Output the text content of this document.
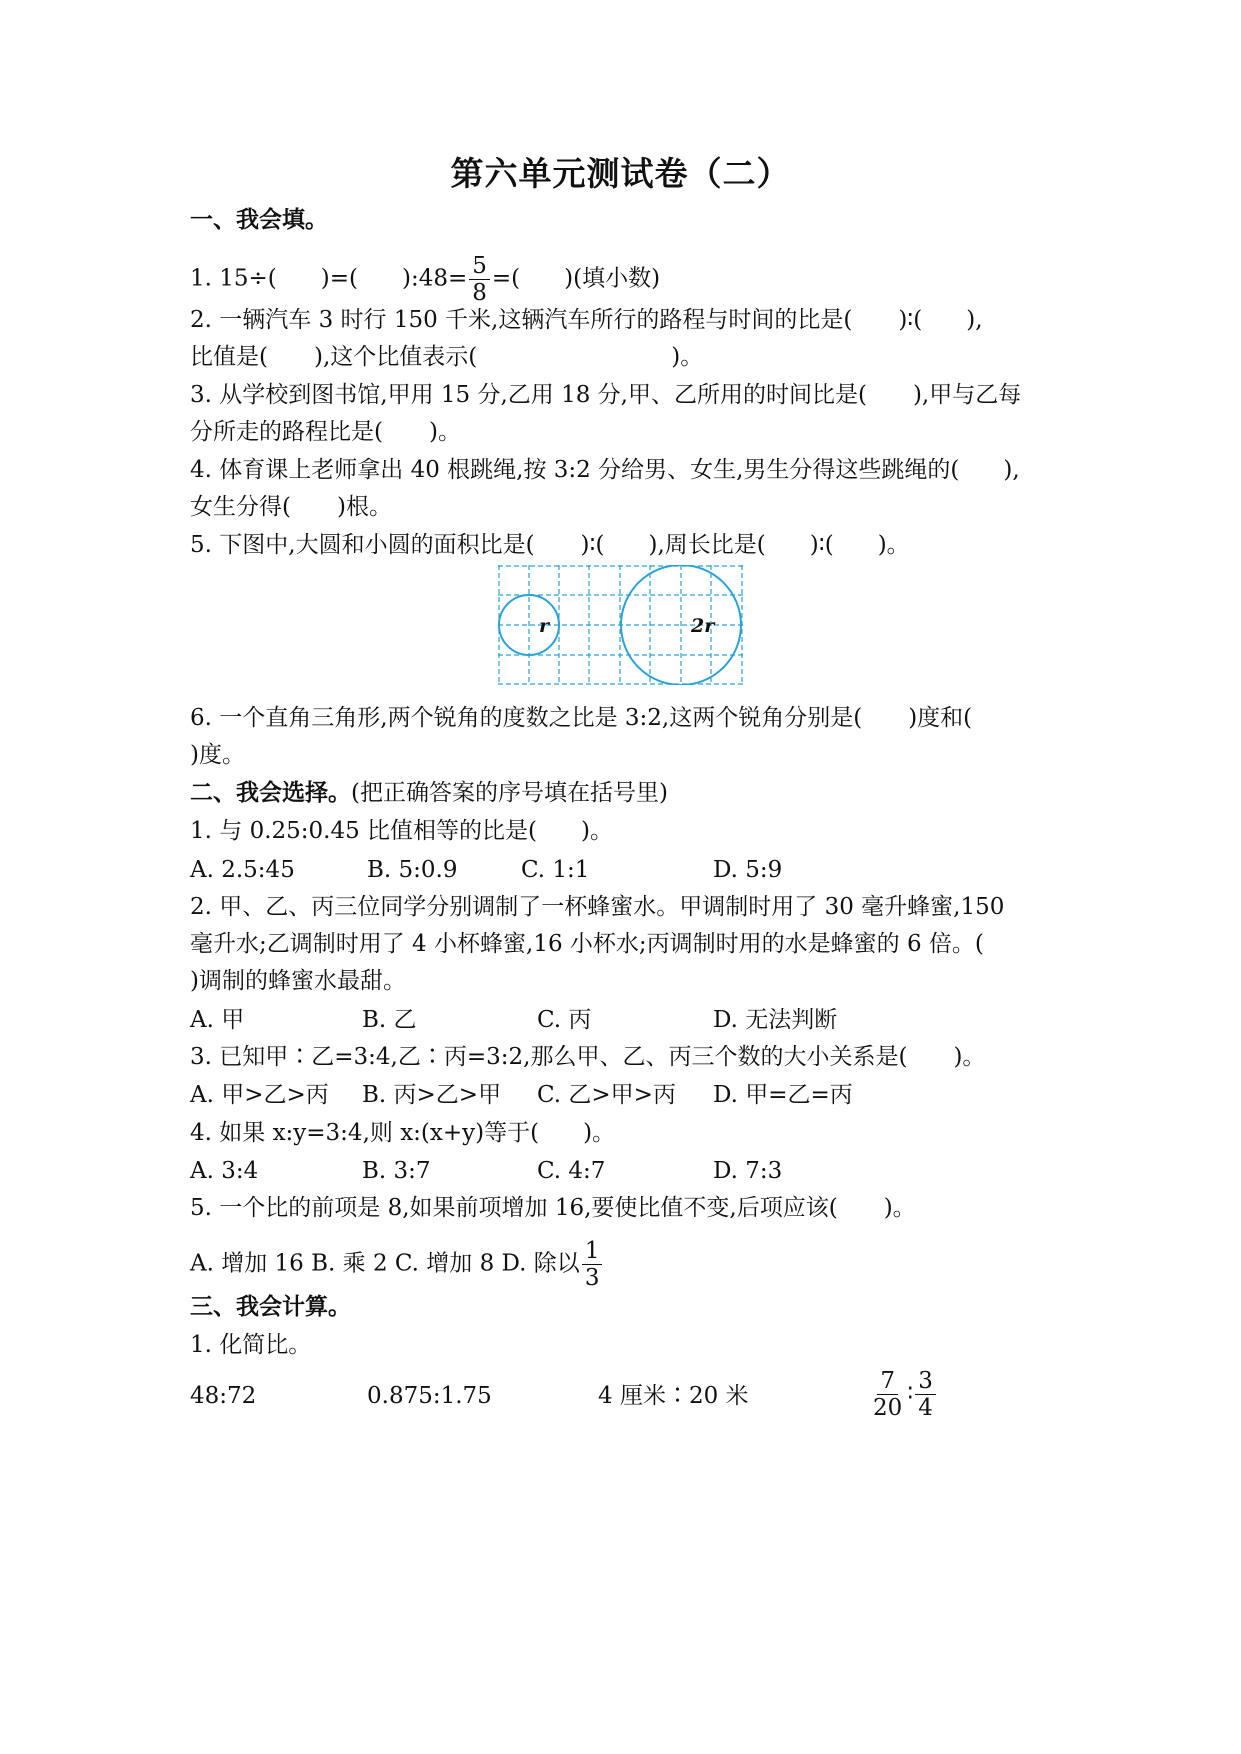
第六单元测试卷（二）
一、我会填。
1. 15÷( )=( ):48= $\frac{5}{8}$ =( )(填小数)
2. 一辆汽车 3 时行 150 千米,这辆汽车所行的路程与时间的比是( )∶( ),
比值是( ),这个比值表示(	)。
3. 从学校到图书馆,甲用 15 分,乙用 18 分,甲、乙所用的时间比是( ),甲与乙每
分所走的路程比是( )。
4. 体育课上老师拿出 40 根跳绳,按 3:2 分给男、女生,男生分得这些跳绳的( ),
女生分得( )根。
5. 下图中,大圆和小圆的面积比是( )∶( ),周长比是( )∶( )。
r	2r
6. 一个直角三角形,两个锐角的度数之比是 3:2,这两个锐角分别是( )度和(
)度。
二、我会选择。(把正确答案的序号填在括号里)
1. 与 0.25:0.45 比值相等的比是( )。
A. 2.5:45	B. 5:0.9	C. 1:1	D. 5:9
2. 甲、乙、丙三位同学分别调制了一杯蜂蜜水。甲调制时用了 30 毫升蜂蜜,150
毫升水;乙调制时用了 4 小杯蜂蜜,16 小杯水;丙调制时用的水是蜂蜜的 6 倍。(
)调制的蜂蜜水最甜。
A. 甲	B. 乙	C. 丙	D. 无法判断
3. 已知甲∶乙=3:4,乙∶丙=3:2,那么甲、乙、丙三个数的大小关系是( )。
A. 甲>乙>丙 B. 丙>乙>甲 C. 乙>甲>丙 D. 甲=乙=丙
4. 如果 x:y=3:4,则 x:(x+y)等于( )。
A. 3:4	B. 3:7	C. 4:7	D. 7:3
5. 一个比的前项是 8,如果前项增加 16,要使比值不变,后项应该( )。
A. 增加 16 B. 乘 2 C. 增加 8 D. 除以 $\frac{1}{3}$
三、我会计算。
1. 化简比。
48:72	0.875:1.75	4 厘米∶20 米	$\frac{7}{20}$ ∶ $\frac{3}{4}$
